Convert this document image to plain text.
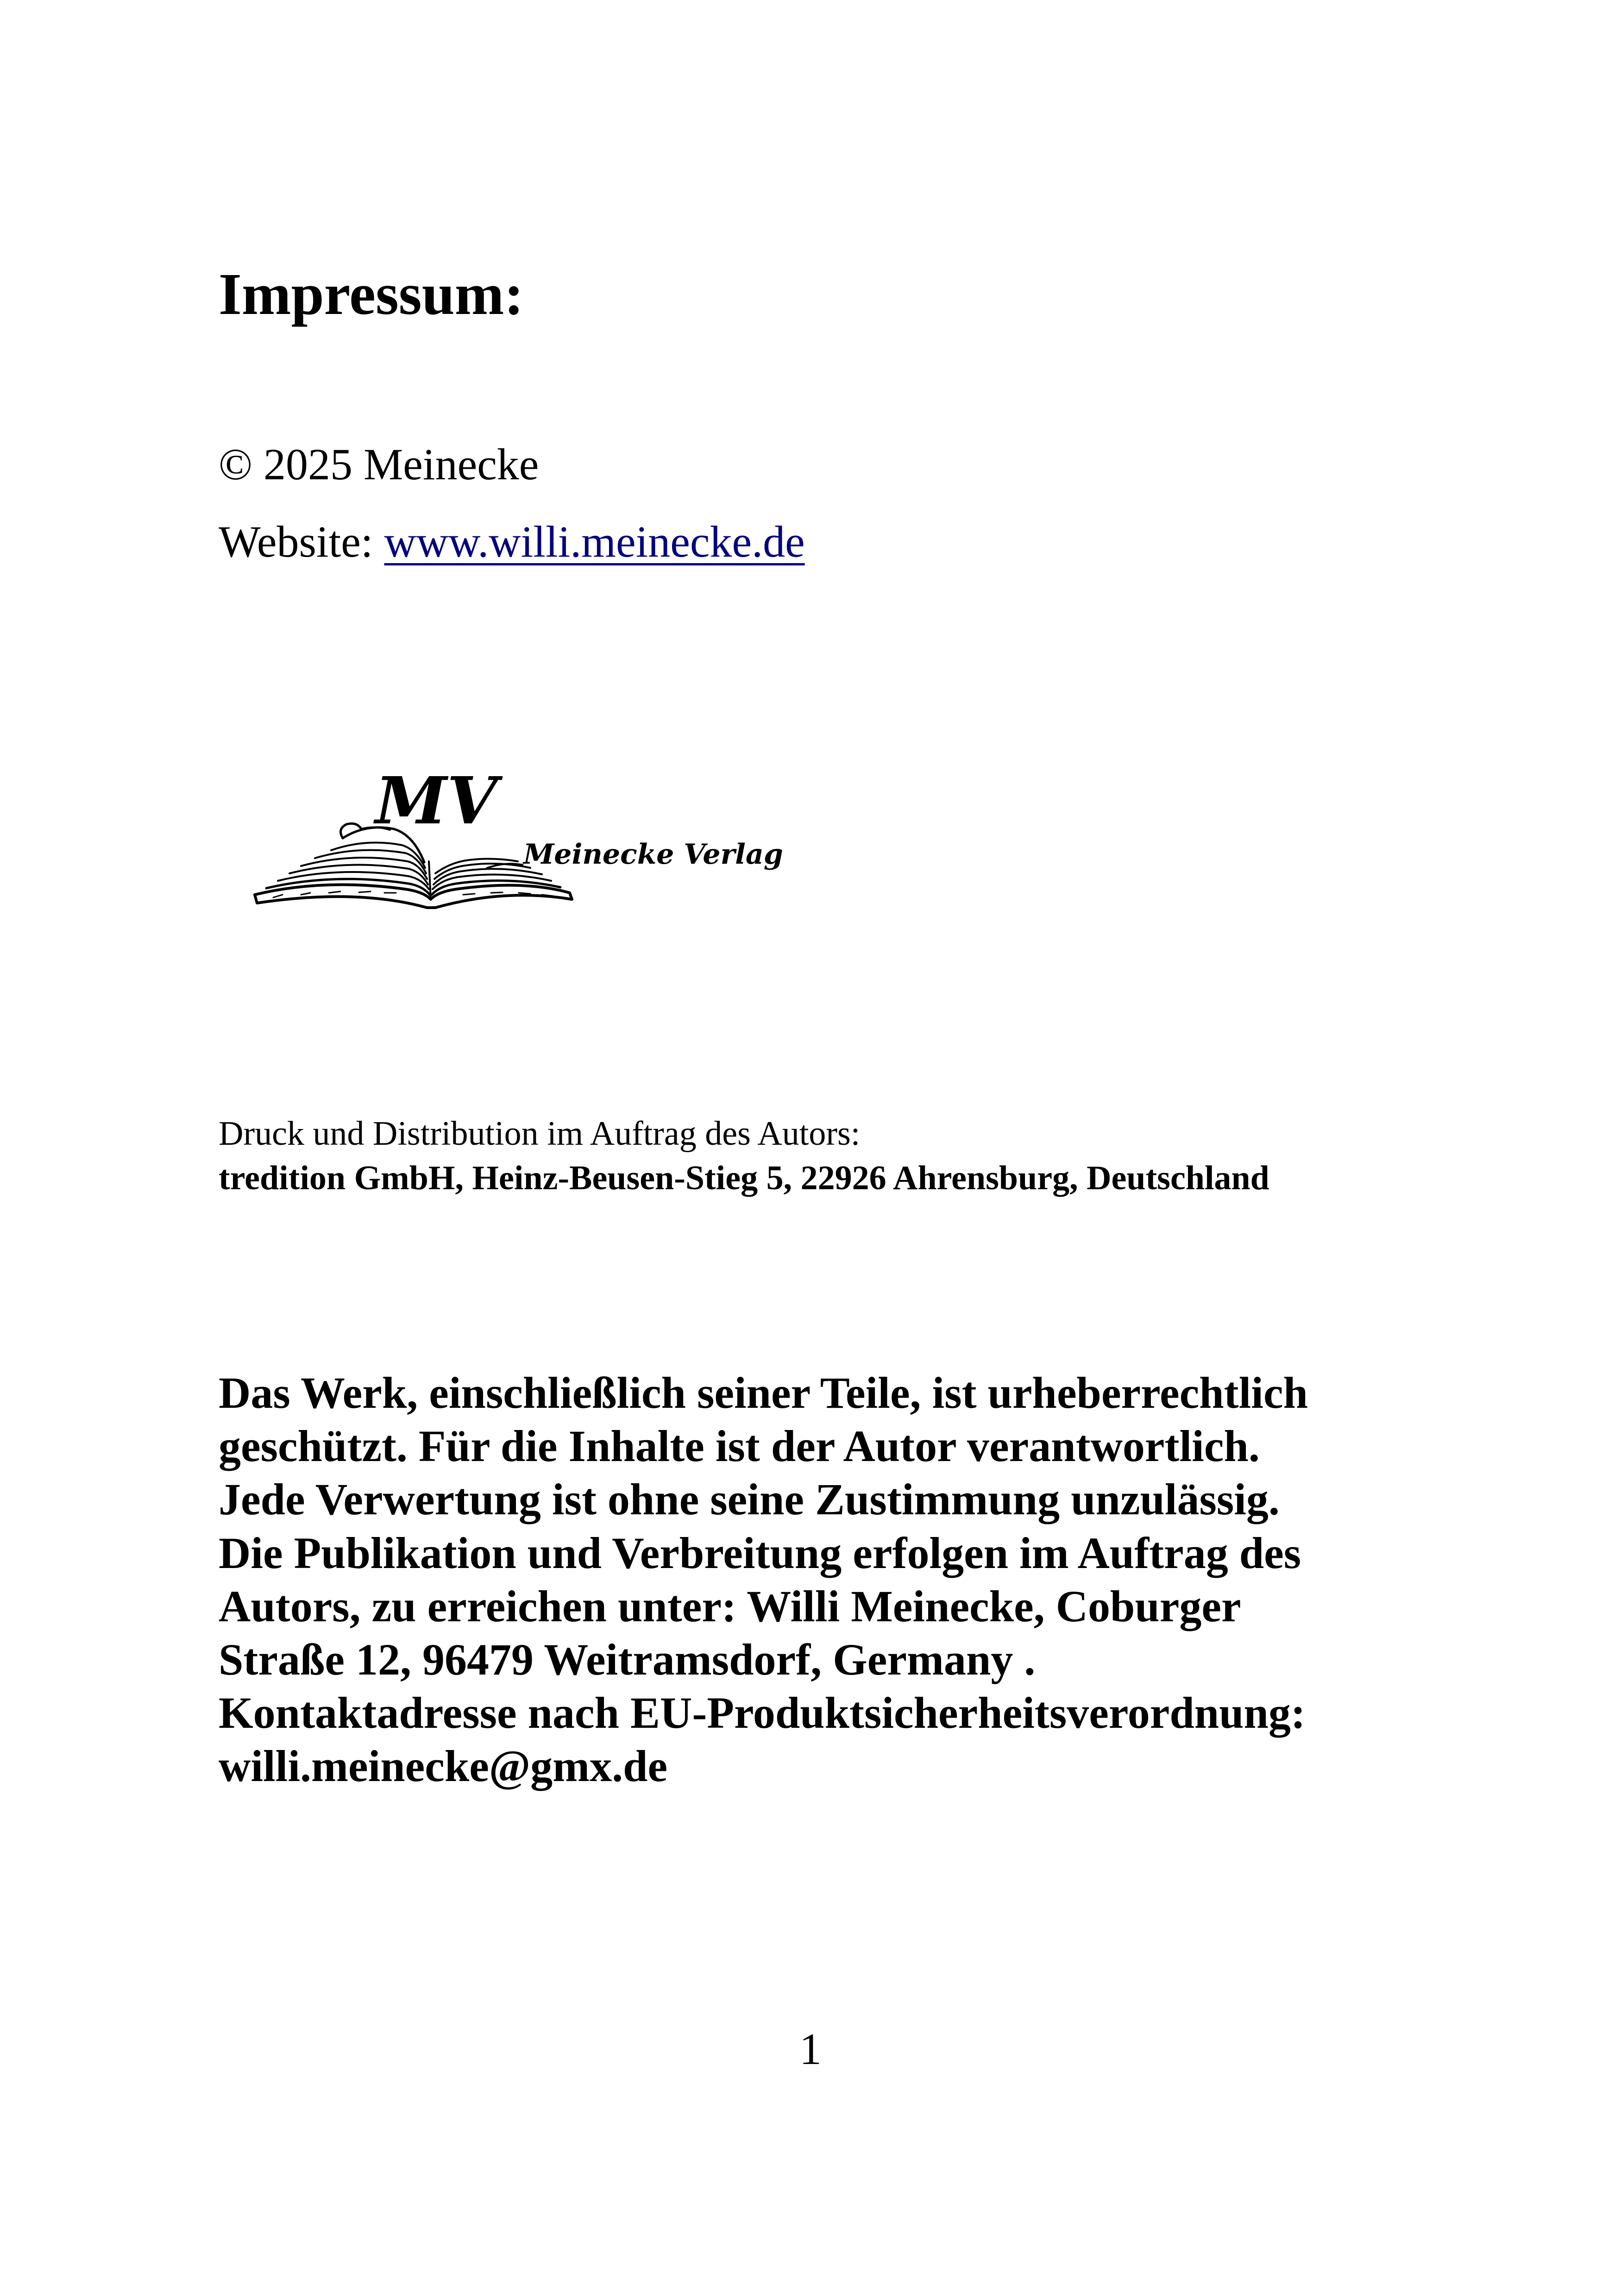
Impressum:
© 2025 Meinecke
Website: www.willi.meinecke.de
MV
Meinecke Verlag
Druck und Distribution im Auftrag des Autors:
tredition GmbH, Heinz-Beusen-Stieg 5, 22926 Ahrensburg, Deutschland
Das Werk, einschließlich seiner Teile, ist urheberrechtlich
geschützt. Für die Inhalte ist der Autor verantwortlich.
Jede Verwertung ist ohne seine Zustimmung unzulässig.
Die Publikation und Verbreitung erfolgen im Auftrag des
Autors, zu erreichen unter: Willi Meinecke, Coburger
Straße 12, 96479 Weitramsdorf, Germany .
Kontaktadresse nach EU-Produktsicherheitsverordnung:
willi.meinecke@gmx.de
1
